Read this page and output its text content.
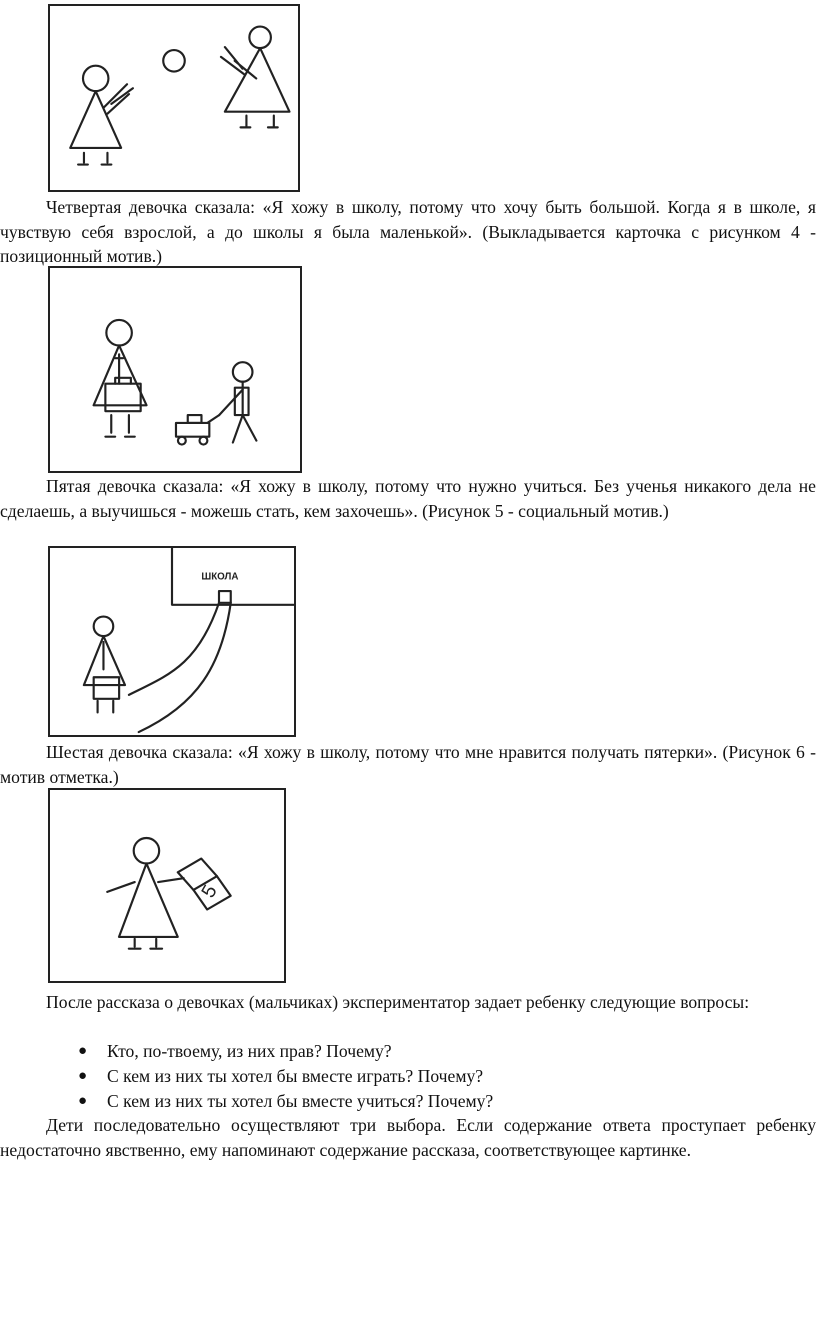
Четвертая девочка сказала: «Я хожу в школу, потому что хочу быть большой. Когда я в школе, я чувствую себя взрослой, а до школы я была маленькой». (Выкладывается карточка с рисунком 4 - позиционный мотив.)

Пятая девочка сказала: «Я хожу в школу, потому что нужно учиться. Без ученья никакого дела не сделаешь, а выучишься - можешь стать, кем захочешь». (Рисунок 5 - социальный мотив.)

ШКОЛА

Шестая девочка сказала: «Я хожу в школу, потому что мне нравится получать пятерки». (Рисунок 6 - мотив отметка.)

5

После рассказа о девочках (мальчиках) экспериментатор задает ребенку следующие вопросы:

● Кто, по-твоему, из них прав? Почему?
● С кем из них ты хотел бы вместе играть? Почему?
● С кем из них ты хотел бы вместе учиться? Почему?

Дети последовательно осуществляют три выбора. Если содержание ответа проступает ребенку недостаточно явственно, ему напоминают содержание рассказа, соответствующее картинке.
